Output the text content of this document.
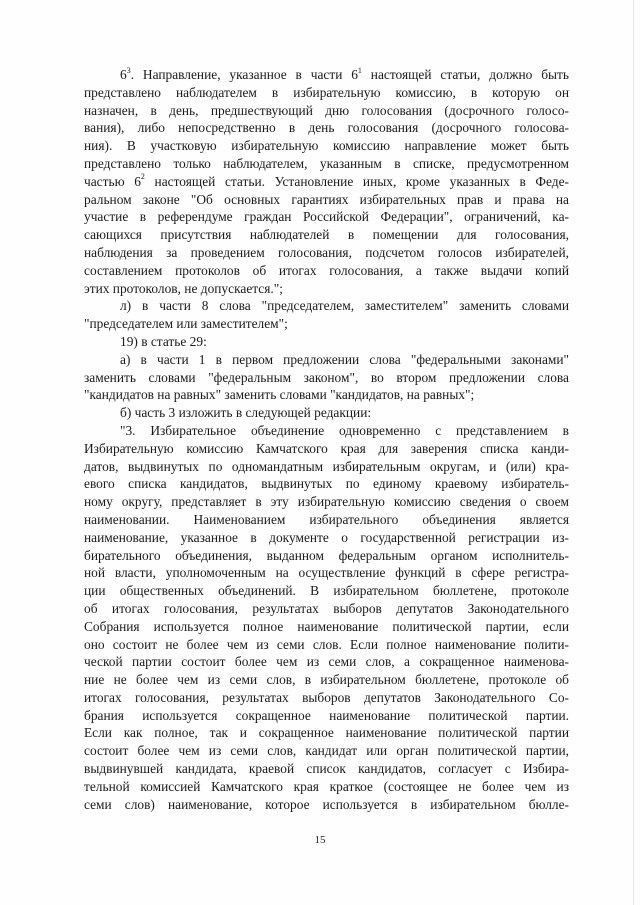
$6^3$. Направление, указанное в части $6^1$ настоящей статьи, должно быть
представлено наблюдателем в избирательную комиссию, в которую он
назначен, в день, предшествующий дню голосования (досрочного голосо-
вания), либо непосредственно в день голосования (досрочного голосова-
ния). В участковую избирательную комиссию направление может быть
представлено только наблюдателем, указанным в списке, предусмотренном
частью $6^2$ настоящей статьи. Установление иных, кроме указанных в Феде-
ральном законе "Об основных гарантиях избирательных прав и права на
участие в референдуме граждан Российской Федерации", ограничений, ка-
сающихся присутствия наблюдателей в помещении для голосования,
наблюдения за проведением голосования, подсчетом голосов избирателей,
составлением протоколов об итогах голосования, а также выдачи копий
этих протоколов, не допускается.";
л) в части 8 слова "председателем, заместителем" заменить словами
"председателем или заместителем";
19) в статье 29:
а) в части 1 в первом предложении слова "федеральными законами"
заменить словами "федеральным законом", во втором предложении слова
"кандидатов на равных" заменить словами "кандидатов, на равных";
б) часть 3 изложить в следующей редакции:
"3. Избирательное объединение одновременно с представлением в
Избирательную комиссию Камчатского края для заверения списка канди-
датов, выдвинутых по одномандатным избирательным округам, и (или) кра-
евого списка кандидатов, выдвинутых по единому краевому избиратель-
ному округу, представляет в эту избирательную комиссию сведения о своем
наименовании. Наименованием избирательного объединения является
наименование, указанное в документе о государственной регистрации из-
бирательного объединения, выданном федеральным органом исполнитель-
ной власти, уполномоченным на осуществление функций в сфере регистра-
ции общественных объединений. В избирательном бюллетене, протоколе
об итогах голосования, результатах выборов депутатов Законодательного
Собрания используется полное наименование политической партии, если
оно состоит не более чем из семи слов. Если полное наименование полити-
ческой партии состоит более чем из семи слов, а сокращенное наименова-
ние не более чем из семи слов, в избирательном бюллетене, протоколе об
итогах голосования, результатах выборов депутатов Законодательного Со-
брания используется сокращенное наименование политической партии.
Если как полное, так и сокращенное наименование политической партии
состоит более чем из семи слов, кандидат или орган политической партии,
выдвинувшей кандидата, краевой список кандидатов, согласует с Избира-
тельной комиссией Камчатского края краткое (состоящее не более чем из
семи слов) наименование, которое используется в избирательном бюлле-
15
